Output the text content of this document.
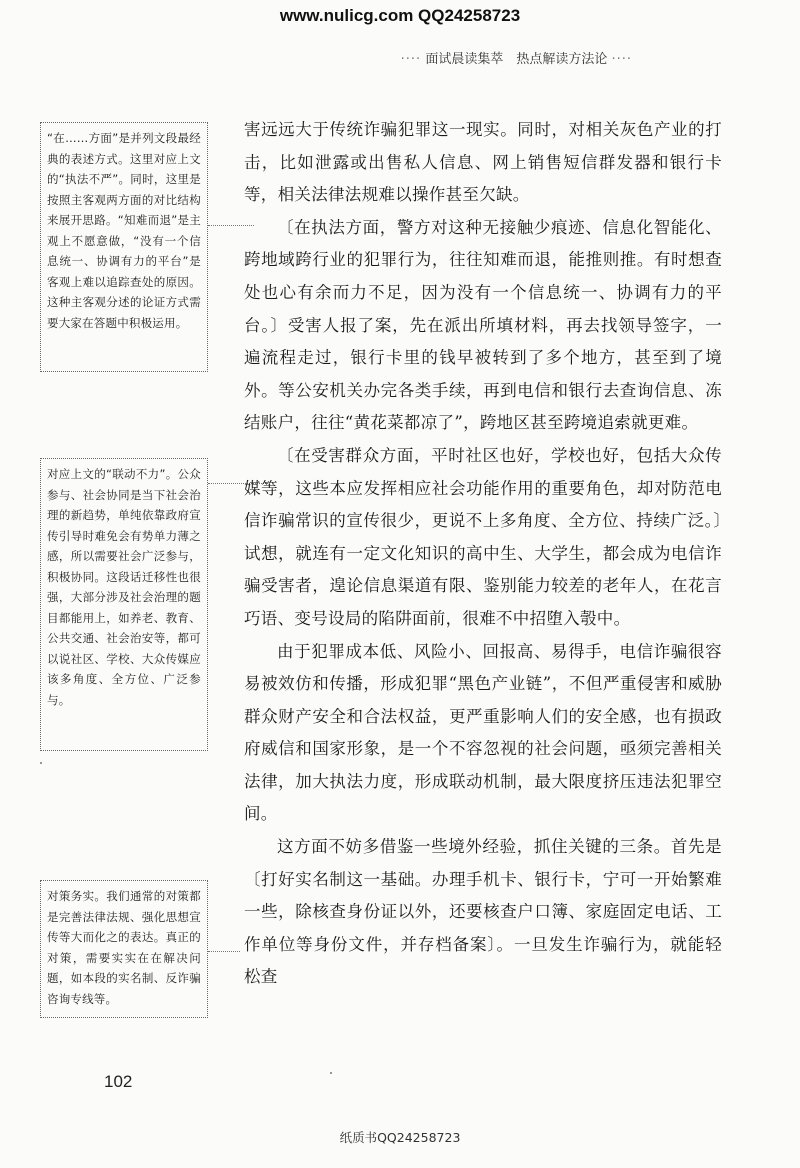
www.nulicg.com QQ24258723
···· 面试晨读集萃　热点解读方法论 ····
“在……方面”是并列文段最经典的表述方式。这里对应上文的“执法不严”。同时，这里是按照主客观两方面的对比结构来展开思路。“知难而退”是主观上不愿意做，“没有一个信息统一、协调有力的平台”是客观上难以追踪查处的原因。这种主客观分述的论证方式需要大家在答题中积极运用。
对应上文的“联动不力”。公众参与、社会协同是当下社会治理的新趋势，单纯依靠政府宣传引导时难免会有势单力薄之感，所以需要社会广泛参与，积极协同。这段话迁移性也很强，大部分涉及社会治理的题目都能用上，如养老、教育、公共交通、社会治安等，都可以说社区、学校、大众传媒应该多角度、全方位、广泛参与。
对策务实。我们通常的对策都是完善法律法规、强化思想宣传等大而化之的表达。真正的对策，需要实实在在解决问题，如本段的实名制、反诈骗咨询专线等。

害远远大于传统诈骗犯罪这一现实。同时，对相关灰色产业的打击，比如泄露或出售私人信息、网上销售短信群发器和银行卡等，相关法律法规难以操作甚至欠缺。

〔在执法方面，警方对这种无接触少痕迹、信息化智能化、跨地域跨行业的犯罪行为，往往知难而退，能推则推。有时想查处也心有余而力不足，因为没有一个信息统一、协调有力的平台。〕受害人报了案，先在派出所填材料，再去找领导签字，一遍流程走过，银行卡里的钱早被转到了多个地方，甚至到了境外。等公安机关办完各类手续，再到电信和银行去查询信息、冻结账户，往往“黄花菜都凉了”，跨地区甚至跨境追索就更难。

〔在受害群众方面，平时社区也好，学校也好，包括大众传媒等，这些本应发挥相应社会功能作用的重要角色，却对防范电信诈骗常识的宣传很少，更说不上多角度、全方位、持续广泛。〕试想，就连有一定文化知识的高中生、大学生，都会成为电信诈骗受害者，遑论信息渠道有限、鉴别能力较差的老年人，在花言巧语、变号设局的陷阱面前，很难不中招堕入彀中。

由于犯罪成本低、风险小、回报高、易得手，电信诈骗很容易被效仿和传播，形成犯罪“黑色产业链”，不但严重侵害和威胁群众财产安全和合法权益，更严重影响人们的安全感，也有损政府威信和国家形象，是一个不容忽视的社会问题，亟须完善相关法律，加大执法力度，形成联动机制，最大限度挤压违法犯罪空间。

这方面不妨多借鉴一些境外经验，抓住关键的三条。首先是〔打好实名制这一基础。办理手机卡、银行卡，宁可一开始繁难一些，除核查身份证以外，还要核查户口簿、家庭固定电话、工作单位等身份文件，并存档备案〕。一旦发生诈骗行为，就能轻松查

102
纸质书QQ24258723
